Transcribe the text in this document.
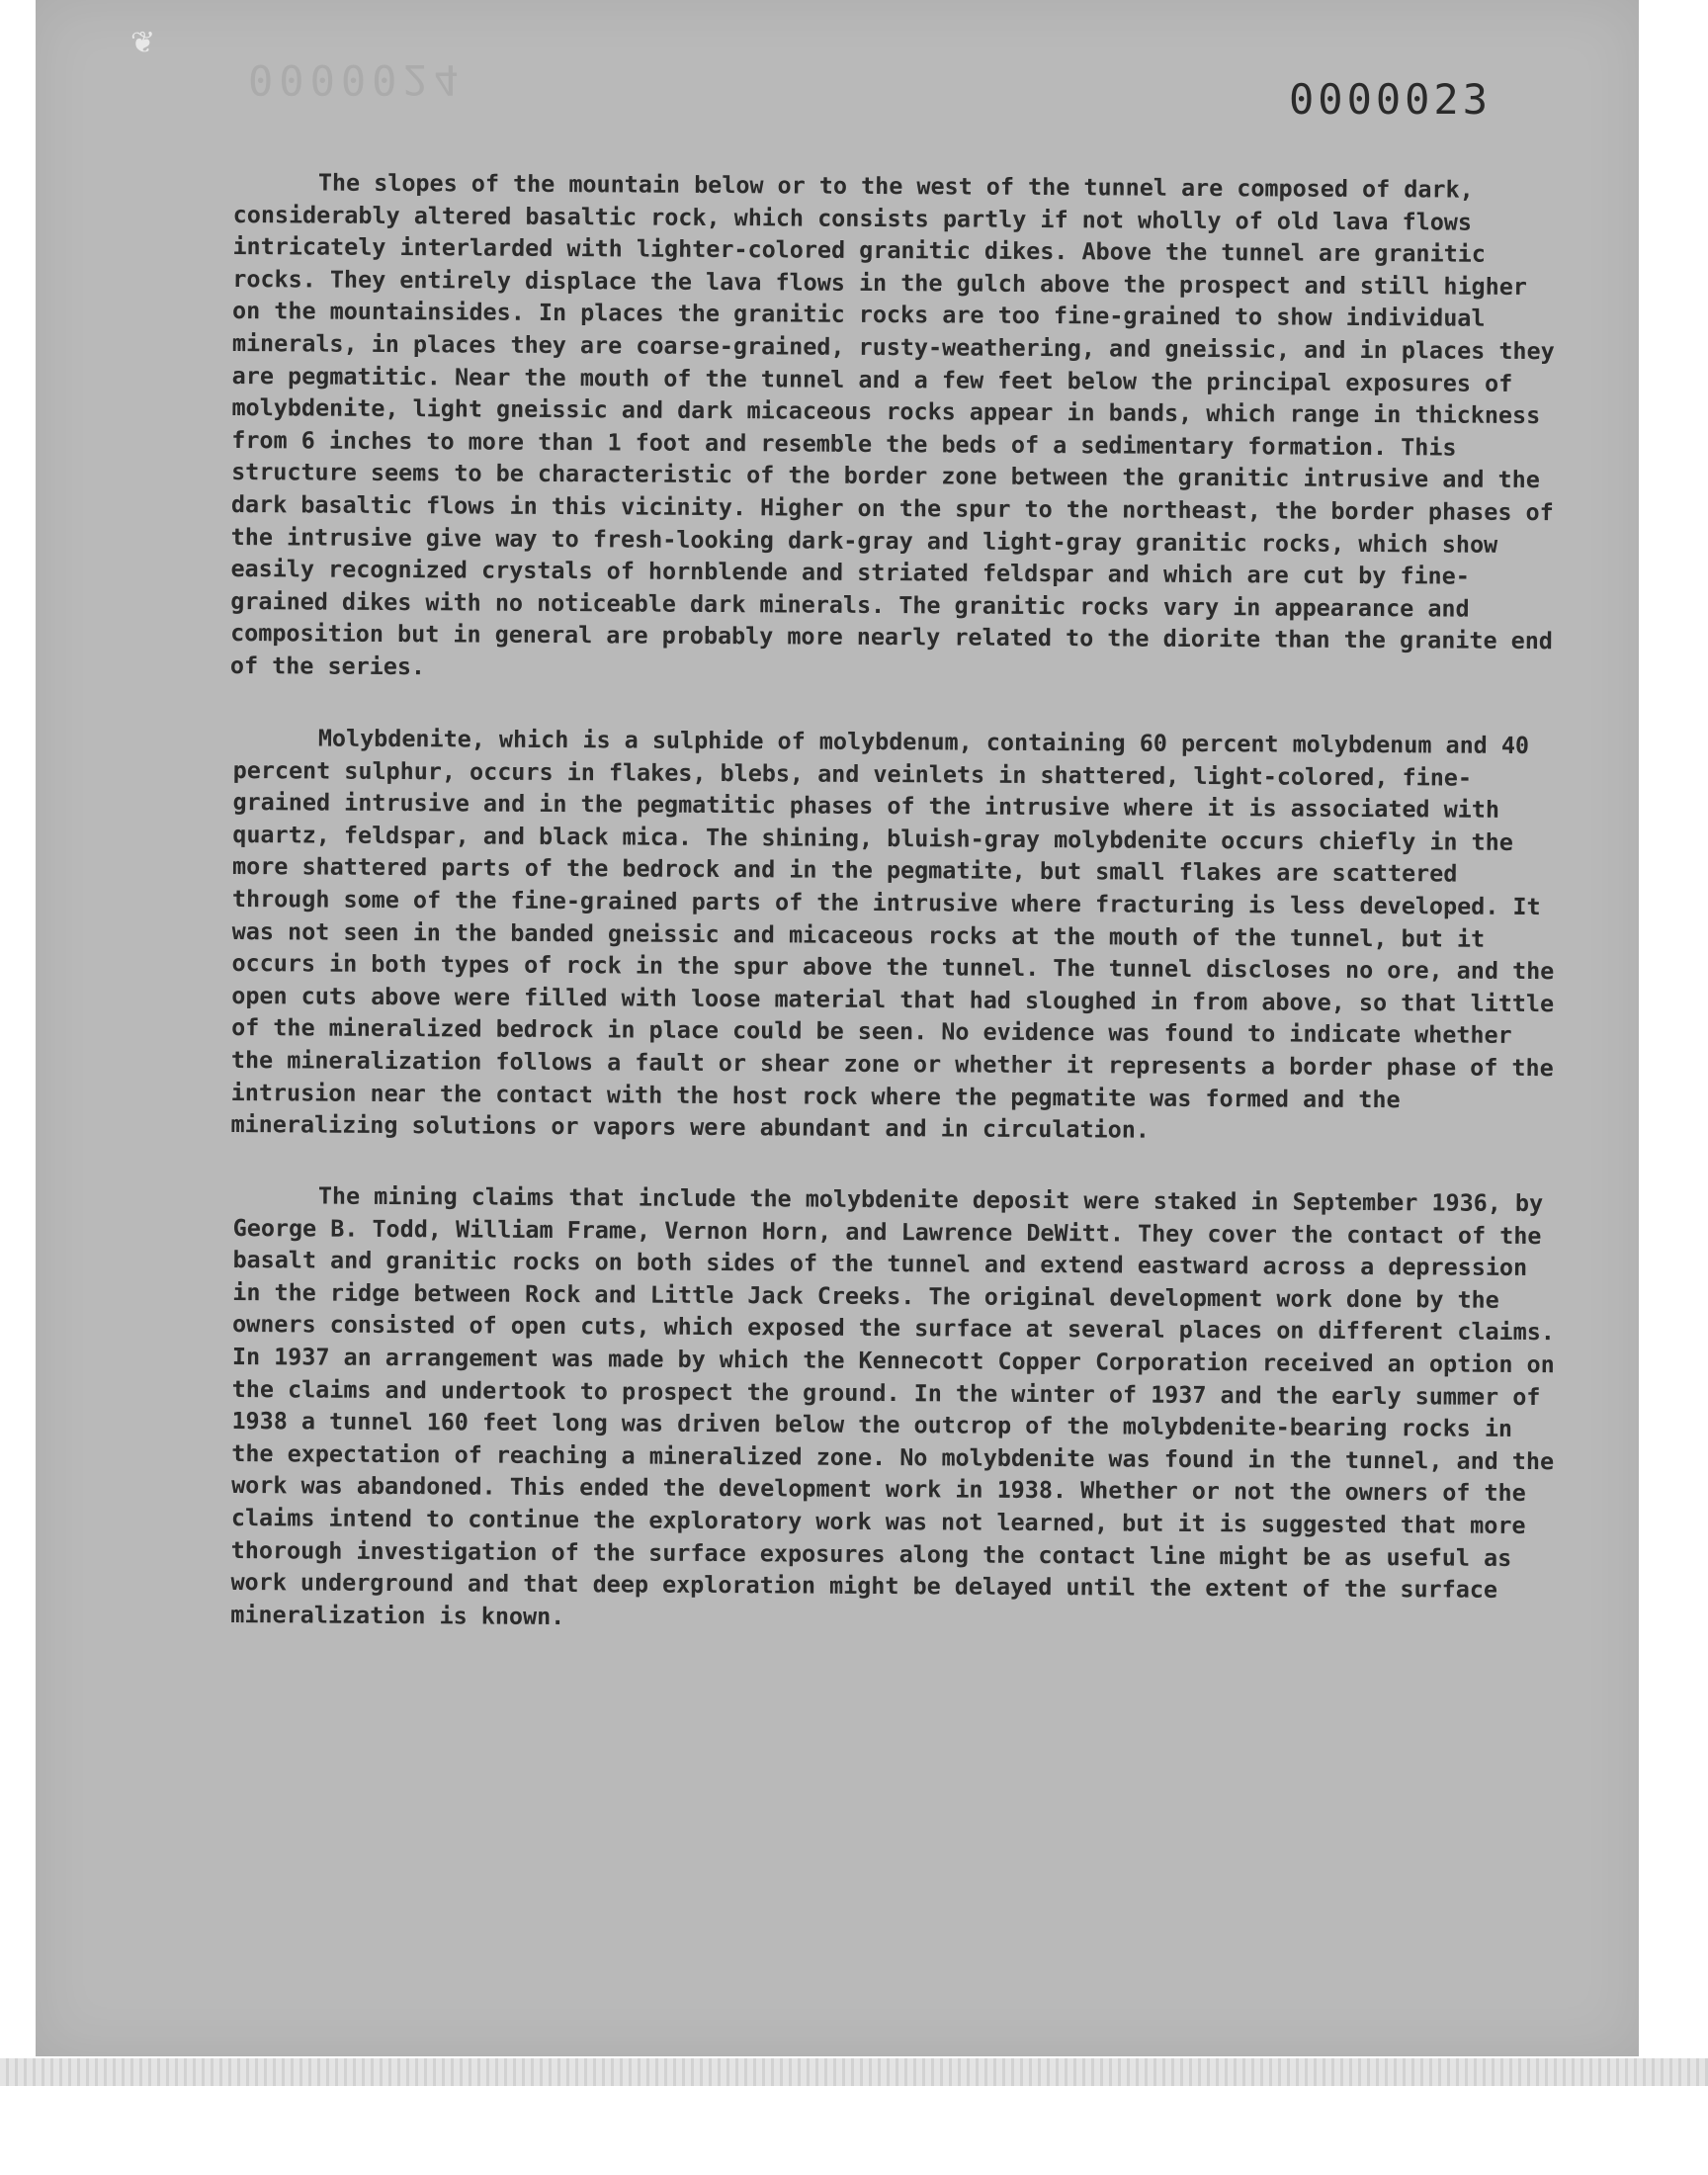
❦
0000024	0000023

The slopes of the mountain below or to the west of the tunnel are composed of dark, considerably altered basaltic rock, which consists partly if not wholly of old lava flows intricately interlarded with lighter-colored granitic dikes. Above the tunnel are granitic rocks. They entirely displace the lava flows in the gulch above the prospect and still higher on the mountainsides. In places the granitic rocks are too fine-grained to show individual minerals, in places they are coarse-grained, rusty-weathering, and gneissic, and in places they are pegmatitic. Near the mouth of the tunnel and a few feet below the principal exposures of molybdenite, light gneissic and dark micaceous rocks appear in bands, which range in thickness from 6 inches to more than 1 foot and resemble the beds of a sedimentary formation. This structure seems to be characteristic of the border zone between the granitic intrusive and the dark basaltic flows in this vicinity. Higher on the spur to the northeast, the border phases of the intrusive give way to fresh-looking dark-gray and light-gray granitic rocks, which show easily recognized crystals of hornblende and striated feldspar and which are cut by fine-grained dikes with no noticeable dark minerals. The granitic rocks vary in appearance and composition but in general are probably more nearly related to the diorite than the granite end of the series.

Molybdenite, which is a sulphide of molybdenum, containing 60 percent molybdenum and 40 percent sulphur, occurs in flakes, blebs, and veinlets in shattered, light-colored, fine-grained intrusive and in the pegmatitic phases of the intrusive where it is associated with quartz, feldspar, and black mica. The shining, bluish-gray molybdenite occurs chiefly in the more shattered parts of the bedrock and in the pegmatite, but small flakes are scattered through some of the fine-grained parts of the intrusive where fracturing is less developed. It was not seen in the banded gneissic and micaceous rocks at the mouth of the tunnel, but it occurs in both types of rock in the spur above the tunnel. The tunnel discloses no ore, and the open cuts above were filled with loose material that had sloughed in from above, so that little of the mineralized bedrock in place could be seen. No evidence was found to indicate whether the mineralization follows a fault or shear zone or whether it represents a border phase of the intrusion near the contact with the host rock where the pegmatite was formed and the mineralizing solutions or vapors were abundant and in circulation.

The mining claims that include the molybdenite deposit were staked in September 1936, by George B. Todd, William Frame, Vernon Horn, and Lawrence DeWitt. They cover the contact of the basalt and granitic rocks on both sides of the tunnel and extend eastward across a depression in the ridge between Rock and Little Jack Creeks. The original development work done by the owners consisted of open cuts, which exposed the surface at several places on different claims. In 1937 an arrangement was made by which the Kennecott Copper Corporation received an option on the claims and undertook to prospect the ground. In the winter of 1937 and the early summer of 1938 a tunnel 160 feet long was driven below the outcrop of the molybdenite-bearing rocks in the expectation of reaching a mineralized zone. No molybdenite was found in the tunnel, and the work was abandoned. This ended the development work in 1938. Whether or not the owners of the claims intend to continue the exploratory work was not learned, but it is suggested that more thorough investigation of the surface exposures along the contact line might be as useful as work underground and that deep exploration might be delayed until the extent of the surface mineralization is known.
